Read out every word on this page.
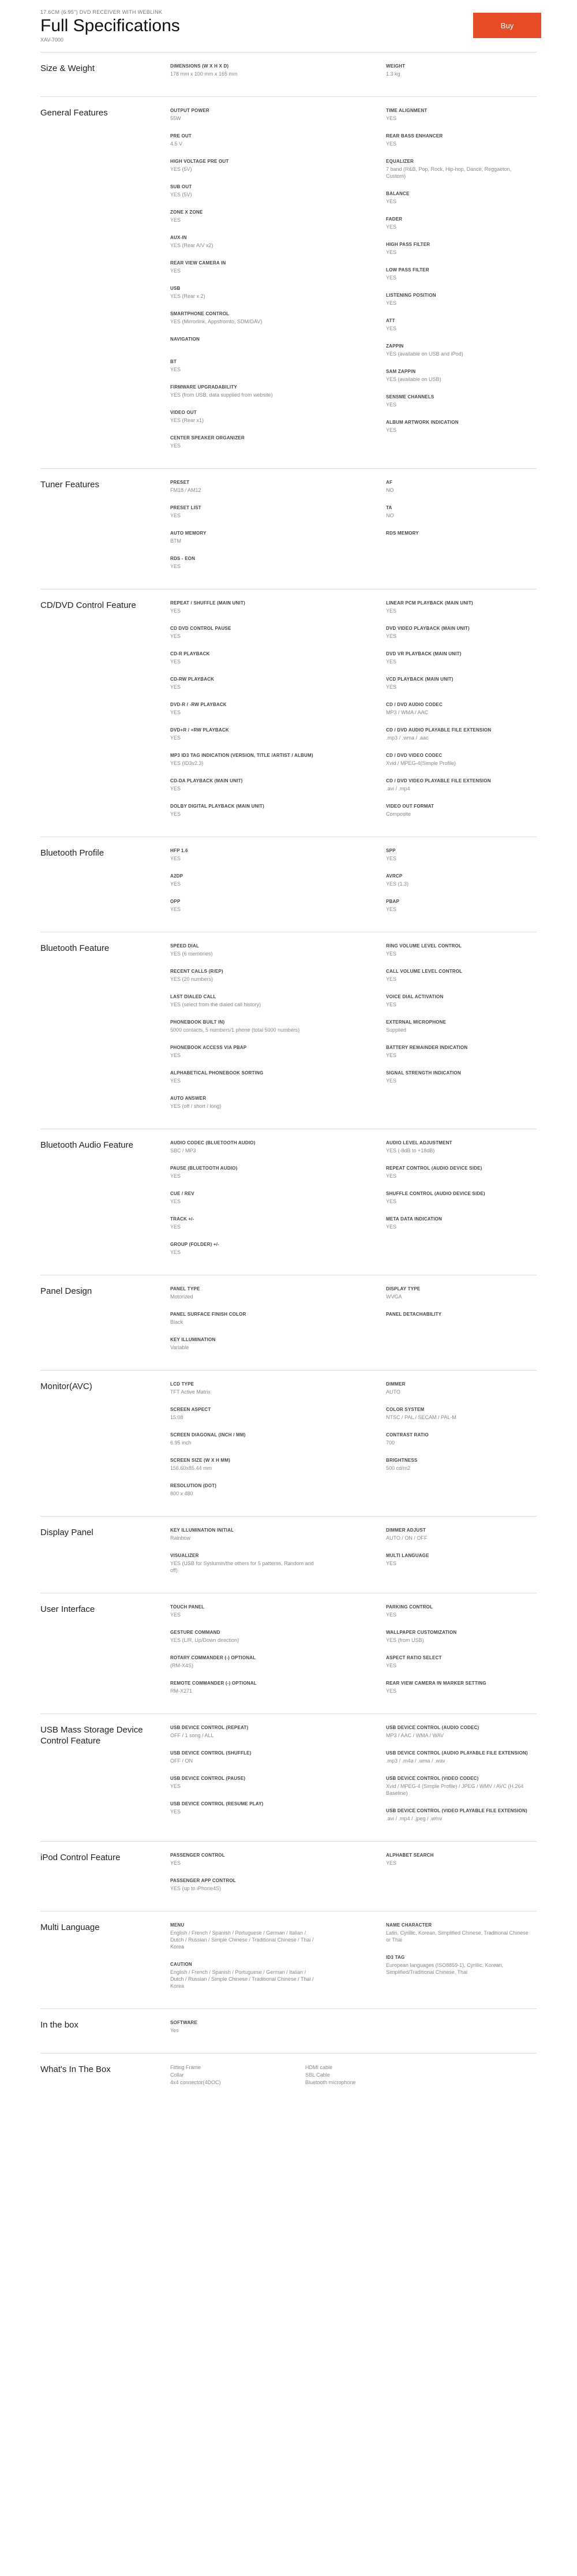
17.6CM (6.95") DVD RECEIVER WITH WEBLINK
Full Specifications
XAV-7000
Buy
Size & Weight	DIMENSIONS (W X H X D)
178 mm x 100 mm x 165 mm
WEIGHT
1.3 kg
General Features	OUTPUT POWER
55W
PRE OUT
4.5 V
HIGH VOLTAGE PRE OUT
YES (5V)
SUB OUT
YES (5V)
ZONE X ZONE
YES
AUX-IN
YES (Rear A/V x2)
REAR VIEW CAMERA IN
YES
USB
YES (Rear x 2)
SMARTPHONE CONTROL
YES (Mirrorlink, Appsfromto, SDM/DAV)
NAVIGATION
BT
YES
FIRMWARE UPGRADABILITY
YES (from USB, data supplied from website)
VIDEO OUT
YES (Rear x1)
CENTER SPEAKER ORGANIZER
YES
TIME ALIGNMENT
YES
REAR BASS ENHANCER
YES
EQUALIZER
7 band (R&B, Pop, Rock, Hip-hop, Dance, Reggaeton, Custom)
BALANCE
YES
FADER
YES
HIGH PASS FILTER
YES
LOW PASS FILTER
YES
LISTENING POSITION
YES
ATT
YES
ZAPPIN
YES (available on USB and iPod)
SAM ZAPPIN
YES (available on USB)
SENSME CHANNELS
YES
ALBUM ARTWORK INDICATION
YES
Tuner Features	PRESET
FM18 / AM12
PRESET LIST
YES
AUTO MEMORY
BTM
RDS - EON
YES
AF
NO
TA
NO
RDS MEMORY
CD/DVD Control Feature	REPEAT / SHUFFLE (MAIN UNIT)
YES
CD DVD CONTROL PAUSE
YES
CD-R PLAYBACK
YES
CD-RW PLAYBACK
YES
DVD-R / -RW PLAYBACK
YES
DVD+R / +RW PLAYBACK
YES
MP3 ID3 TAG INDICATION (VERSION, TITLE /ARTIST / ALBUM)
YES (ID3v2.3)
CD-DA PLAYBACK (MAIN UNIT)
YES
DOLBY DIGITAL PLAYBACK (MAIN UNIT)
YES
LINEAR PCM PLAYBACK (MAIN UNIT)
YES
DVD VIDEO PLAYBACK (MAIN UNIT)
YES
DVD VR PLAYBACK (MAIN UNIT)
YES
VCD PLAYBACK (MAIN UNIT)
YES
CD / DVD AUDIO CODEC
MP3 / WMA / AAC
CD / DVD AUDIO PLAYABLE FILE EXTENSION
.mp3 / .wma / .aac
CD / DVD VIDEO CODEC
Xvid / MPEG-4(Simple Profile)
CD / DVD VIDEO PLAYABLE FILE EXTENSION
.avi / .mp4
VIDEO OUT FORMAT
Composite
Bluetooth Profile	HFP 1.6
YES
A2DP
YES
OPP
YES
SPP
YES
AVRCP
YES (1.3)
PBAP
YES
Bluetooth Feature	SPEED DIAL
YES (6 memories)
RECENT CALLS (R/EP)
YES (20 numbers)
LAST DIALED CALL
YES (select from the dialed call history)
PHONEBOOK BUILT IN)
5000 contacts, 5 numbers/1 phone (total 5000 numbers)
PHONEBOOK ACCESS VIA PBAP
YES
ALPHABETICAL PHONEBOOK SORTING
YES
AUTO ANSWER
YES (off / short / long)
RING VOLUME LEVEL CONTROL
YES
CALL VOLUME LEVEL CONTROL
YES
VOICE DIAL ACTIVATION
YES
EXTERNAL MICROPHONE
Supplied
BATTERY REMAINDER INDICATION
YES
SIGNAL STRENGTH INDICATION
YES
Bluetooth Audio Feature	AUDIO CODEC (BLUETOOTH AUDIO)
SBC / MP3
PAUSE (BLUETOOTH AUDIO)
YES
CUE / REV
YES
TRACK +/-
YES
GROUP (FOLDER) +/-
YES
AUDIO LEVEL ADJUSTMENT
YES (-8dB to +18dB)
REPEAT CONTROL (AUDIO DEVICE SIDE)
YES
SHUFFLE CONTROL (AUDIO DEVICE SIDE)
YES
META DATA INDICATION
YES
Panel Design	PANEL TYPE
Motorized
PANEL SURFACE FINISH COLOR
Black
KEY ILLUMINATION
Variable
DISPLAY TYPE
WVGA
PANEL DETACHABILITY
Monitor(AVC)	LCD TYPE
TFT Active Matrix
SCREEN ASPECT
15:08
SCREEN DIAGONAL (INCH / MM)
6.95 inch
SCREEN SIZE (W X H MM)
156.60x85.44 mm
RESOLUTION (DOT)
800 x 480
DIMMER
AUTO
COLOR SYSTEM
NTSC / PAL / SECAM / PAL-M
CONTRAST RATIO
700
BRIGHTNESS
500 cd/m2
Display Panel	KEY ILLUMINATION INITIAL
Rainbow
VISUALIZER
YES (USB for Syslumin/the others for 5 patterns, Random and off)
DIMMER ADJUST
AUTO / ON / OFF
MULTI LANGUAGE
YES
User Interface	TOUCH PANEL
YES
GESTURE COMMAND
YES (L/R, Up/Down direction)
ROTARY COMMANDER (-) OPTIONAL
(RM-X4S)
REMOTE COMMANDER (-) OPTIONAL
RM-X271
PARKING CONTROL
YES
WALLPAPER CUSTOMIZATION
YES (from USB)
ASPECT RATIO SELECT
YES
REAR VIEW CAMERA IN MARKER SETTING
YES
USB Mass Storage Device Control Feature
USB DEVICE CONTROL (REPEAT)
OFF / 1 song / ALL
USB DEVICE CONTROL (SHUFFLE)
OFF / ON
USB DEVICE CONTROL (PAUSE)
YES
USB DEVICE CONTROL (RESUME PLAY)
YES
USB DEVICE CONTROL (AUDIO CODEC)
MP3 / AAC / WMA / WAV
USB DEVICE CONTROL (AUDIO PLAYABLE FILE EXTENSION)
.mp3 / .m4a / .wma / .wav
USB DEVICE CONTROL (VIDEO CODEC)
Xvid / MPEG-4 (Simple Profile) / JPEG / WMV / AVC (H.264 Baseline)
USB DEVICE CONTROL (VIDEO PLAYABLE FILE EXTENSION)
.avi / .mp4 / .jpeg / .wmv
iPod Control Feature	PASSENGER CONTROL
YES
PASSENGER APP CONTROL
YES (up to iPhone4S)
ALPHABET SEARCH
YES
Multi Language	MENU
English / French / Spanish / Portuguese / German / Italian / Dutch / Russian / Simple Chinese / Traditional Chinese / Thai / Korea
CAUTION
English / French / Spanish / Portuguese / German / Italian / Dutch / Russian / Simple Chinese / Traditional Chinese / Thai / Korea
NAME CHARACTER
Latin, Cyrillic, Korean, Simplified Chinese, Traditional Chinese or Thai
ID3 TAG
European languages (ISO8859-1), Cyrillic, Korean, Simplified/Traditional Chinese, Thai
In the box	SOFTWARE
Yes
What's In The Box	Fitting Frame
Collar
4x4 connector(4DOC)
HDMI cable
SBL Cable
Bluetooth microphone
